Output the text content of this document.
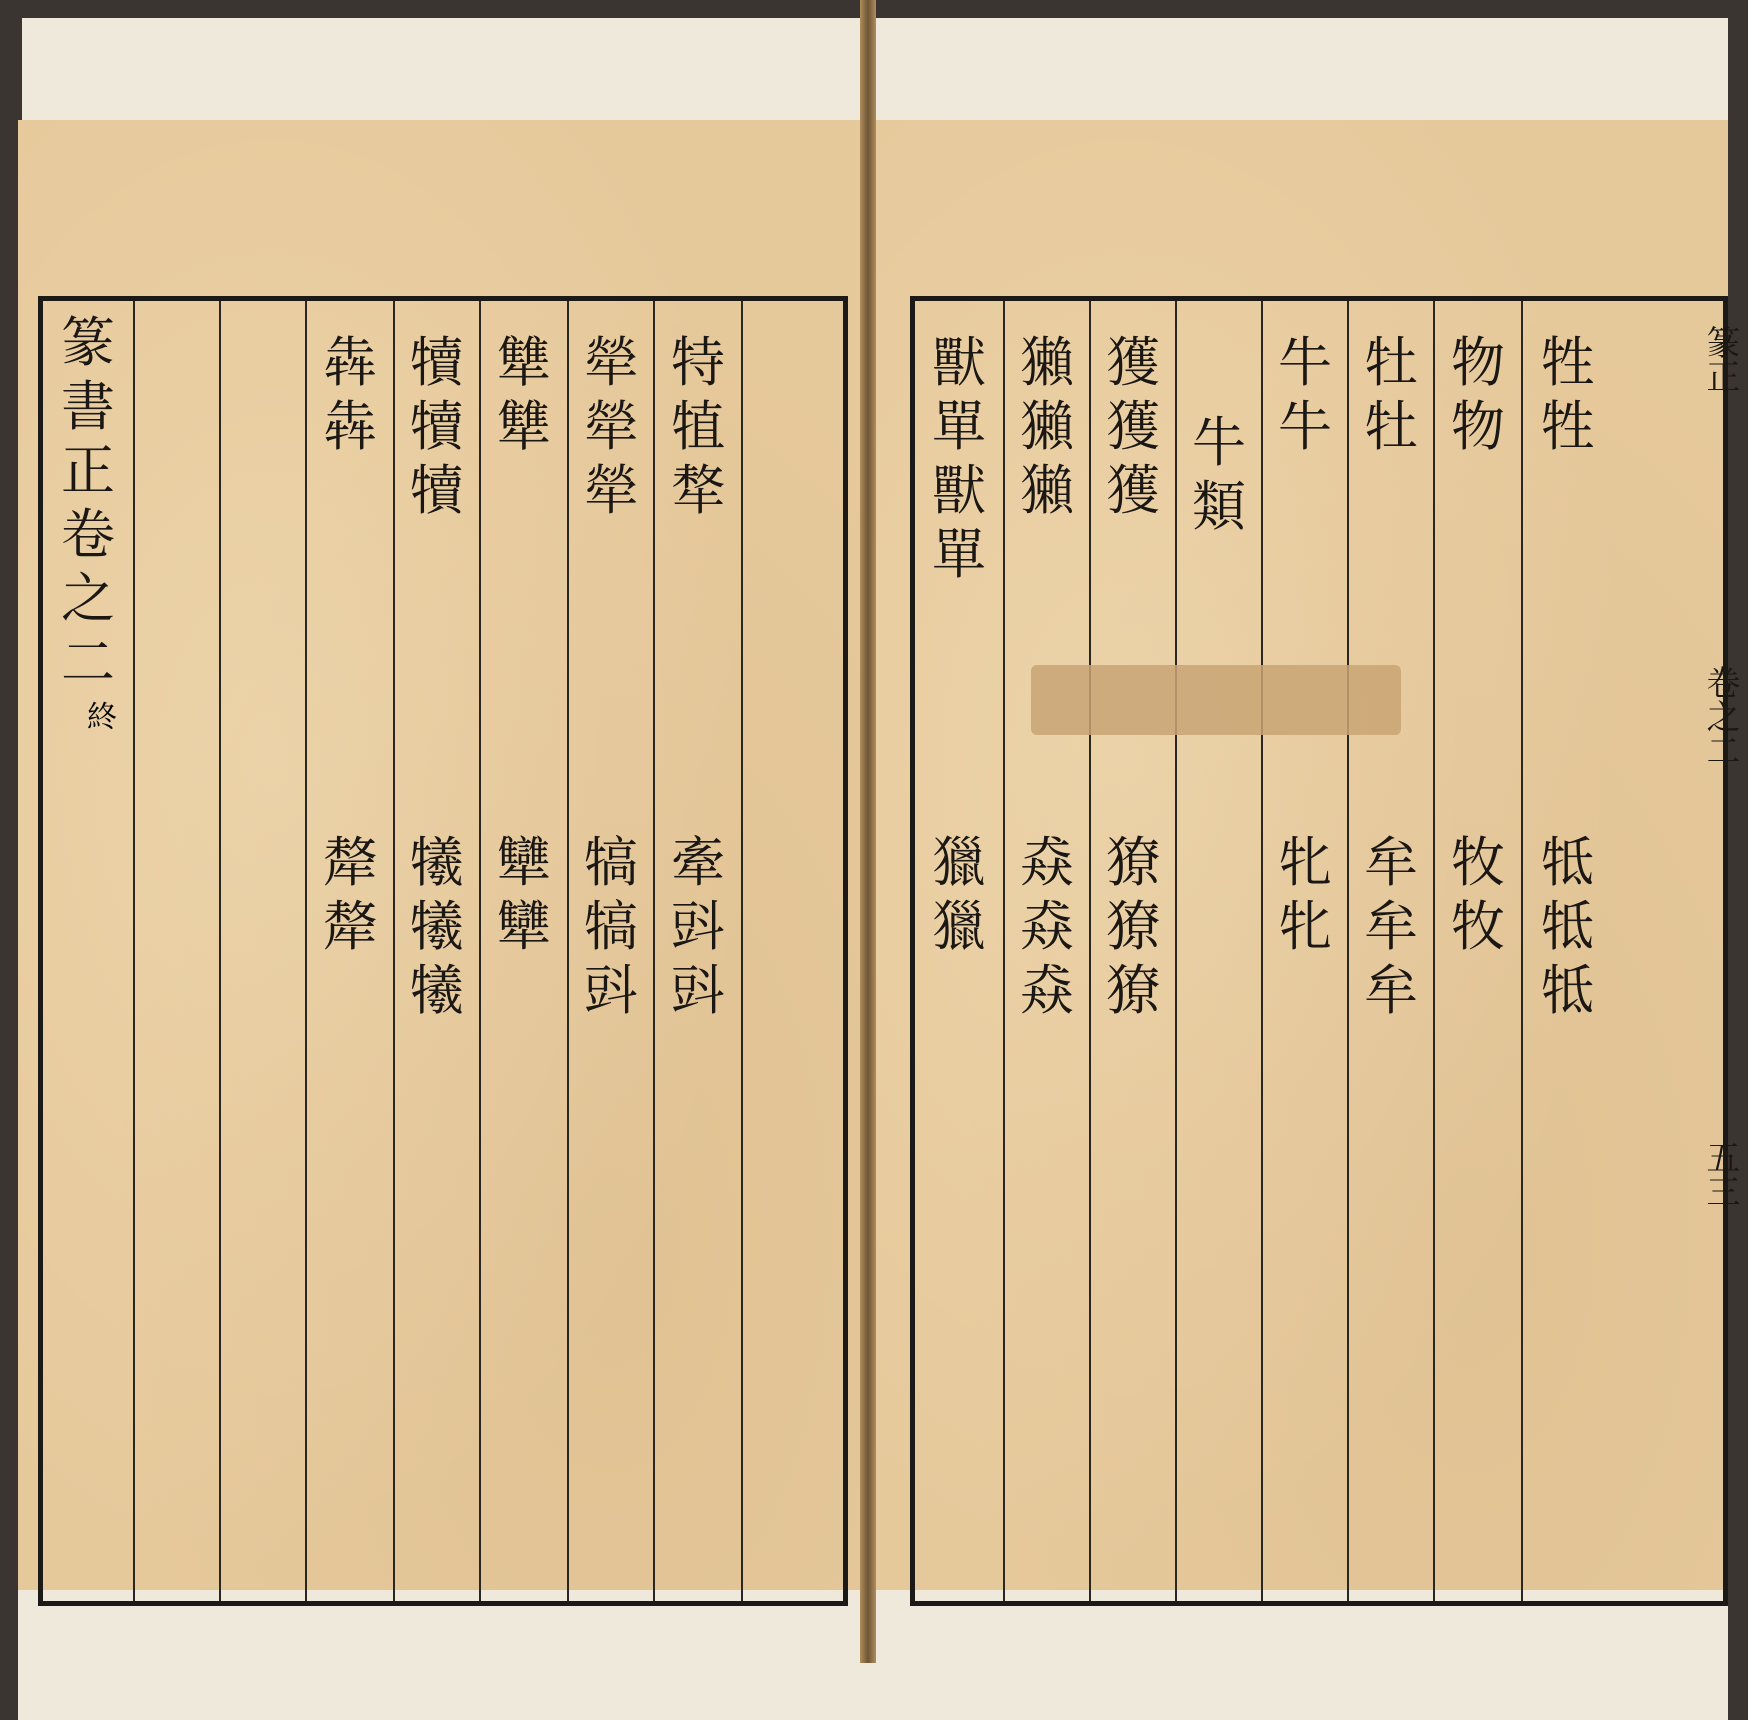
篆
書
正
卷
之
二
終
犇
犇
犛
犛
犢
犢
犢
犧
犧
犧
犨
犨
犫
犫
犖
犖
犖
犒
犒
㪷
特
犆
㹈
牽
㪷
㪷
獸
單
獸
單
獵
獵
獺
獺
獺
猋
猋
猋
獲
獲
獲
獠
獠
獠
牛
類
牛
牛
牝
牝
牡
牡
牟
牟
牟
物
物
牧
牧
牲
牲
牴
牴
牴
篆正
卷之二
五三
